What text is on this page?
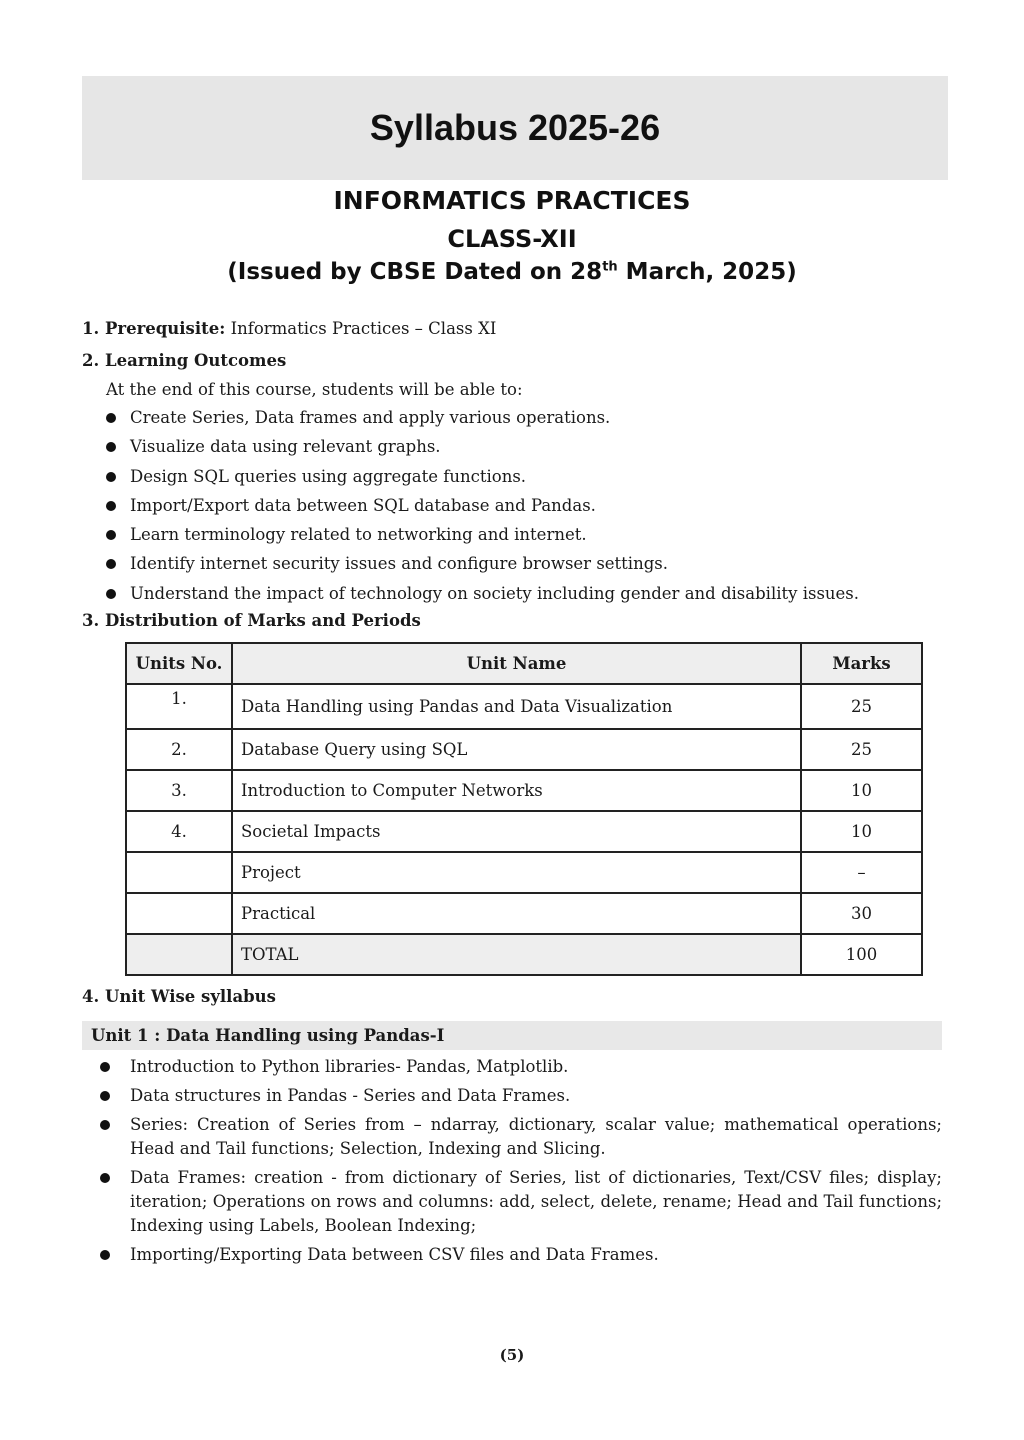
Syllabus 2025-26
INFORMATICS PRACTICES
CLASS-XII
(Issued by CBSE Dated on 28th March, 2025)
1. Prerequisite: Informatics Practices – Class XI
2. Learning Outcomes
At the end of this course, students will be able to:
Create Series, Data frames and apply various operations.
Visualize data using relevant graphs.
Design SQL queries using aggregate functions.
Import/Export data between SQL database and Pandas.
Learn terminology related to networking and internet.
Identify internet security issues and configure browser settings.
Understand the impact of technology on society including gender and disability issues.
3. Distribution of Marks and Periods
Units No.	Unit Name	Marks
1.	Data Handling using Pandas and Data Visualization	25
2.	Database Query using SQL	25
3.	Introduction to Computer Networks	10
4.	Societal Impacts	10
	Project	–
	Practical	30
	TOTAL	100
4. Unit Wise syllabus
Unit 1 : Data Handling using Pandas-I
Introduction to Python libraries- Pandas, Matplotlib.
Data structures in Pandas - Series and Data Frames.
Series: Creation of Series from – ndarray, dictionary, scalar value; mathematical operations; Head and Tail functions; Selection, Indexing and Slicing.
Data Frames: creation - from dictionary of Series, list of dictionaries, Text/CSV files; display; iteration; Operations on rows and columns: add, select, delete, rename; Head and Tail functions; Indexing using Labels, Boolean Indexing;
Importing/Exporting Data between CSV files and Data Frames.
(5)
